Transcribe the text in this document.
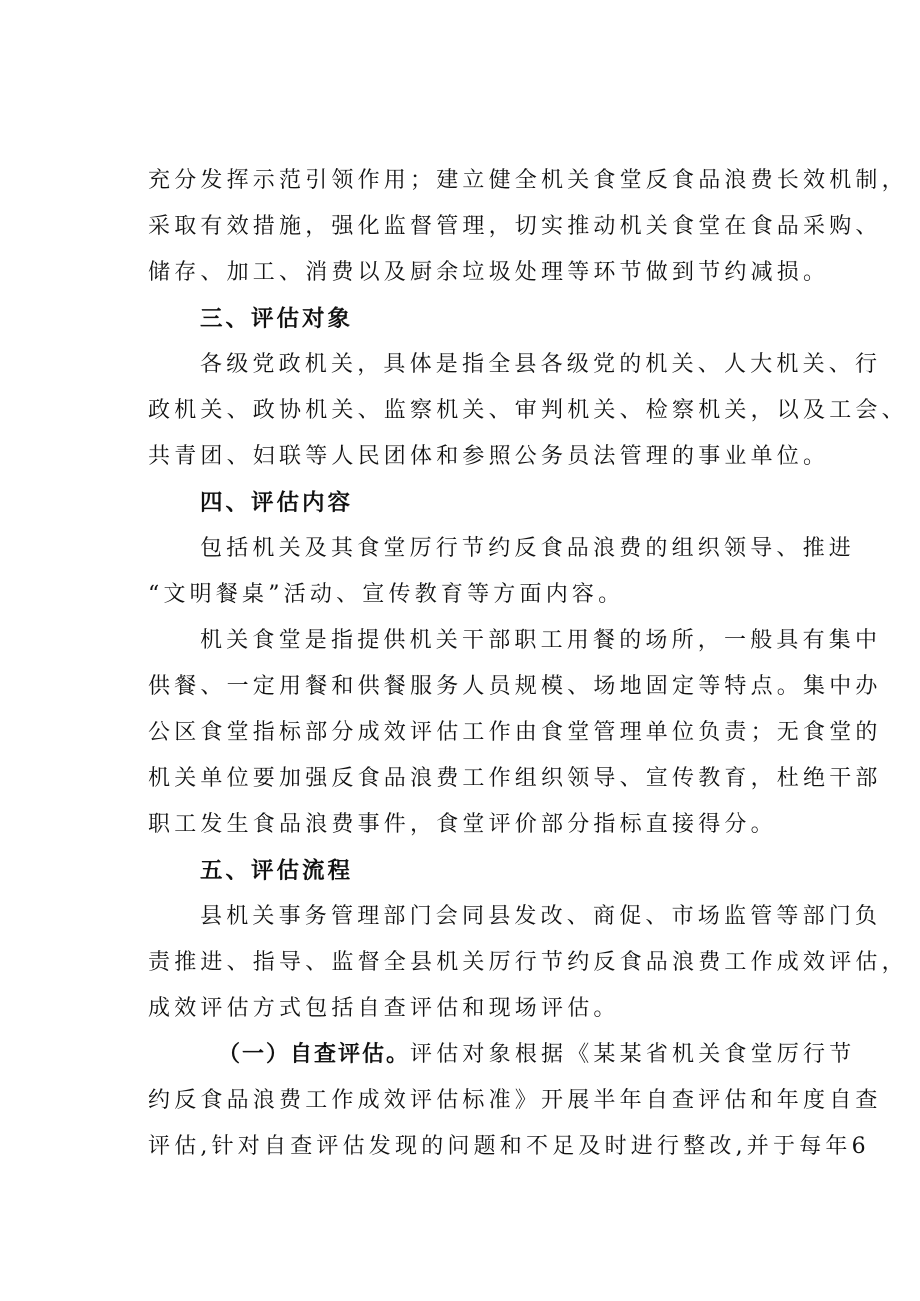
充分发挥示范引领作用；建立健全机关食堂反食品浪费长效机制，
采取有效措施，强化监督管理，切实推动机关食堂在食品采购、
储存、加工、消费以及厨余垃圾处理等环节做到节约减损。
三、评估对象
各级党政机关，具体是指全县各级党的机关、人大机关、行
政机关、政协机关、监察机关、审判机关、检察机关，以及工会、
共青团、妇联等人民团体和参照公务员法管理的事业单位。
四、评估内容
包括机关及其食堂厉行节约反食品浪费的组织领导、推进
“文明餐桌”活动、宣传教育等方面内容。
机关食堂是指提供机关干部职工用餐的场所，一般具有集中
供餐、一定用餐和供餐服务人员规模、场地固定等特点。集中办
公区食堂指标部分成效评估工作由食堂管理单位负责；无食堂的
机关单位要加强反食品浪费工作组织领导、宣传教育，杜绝干部
职工发生食品浪费事件，食堂评价部分指标直接得分。
五、评估流程
县机关事务管理部门会同县发改、商促、市场监管等部门负
责推进、指导、监督全县机关厉行节约反食品浪费工作成效评估，
成效评估方式包括自查评估和现场评估。
（一）自查评估。评估对象根据《某某省机关食堂厉行节
约反食品浪费工作成效评估标准》开展半年自查评估和年度自查
评估,针对自查评估发现的问题和不足及时进行整改,并于每年6
